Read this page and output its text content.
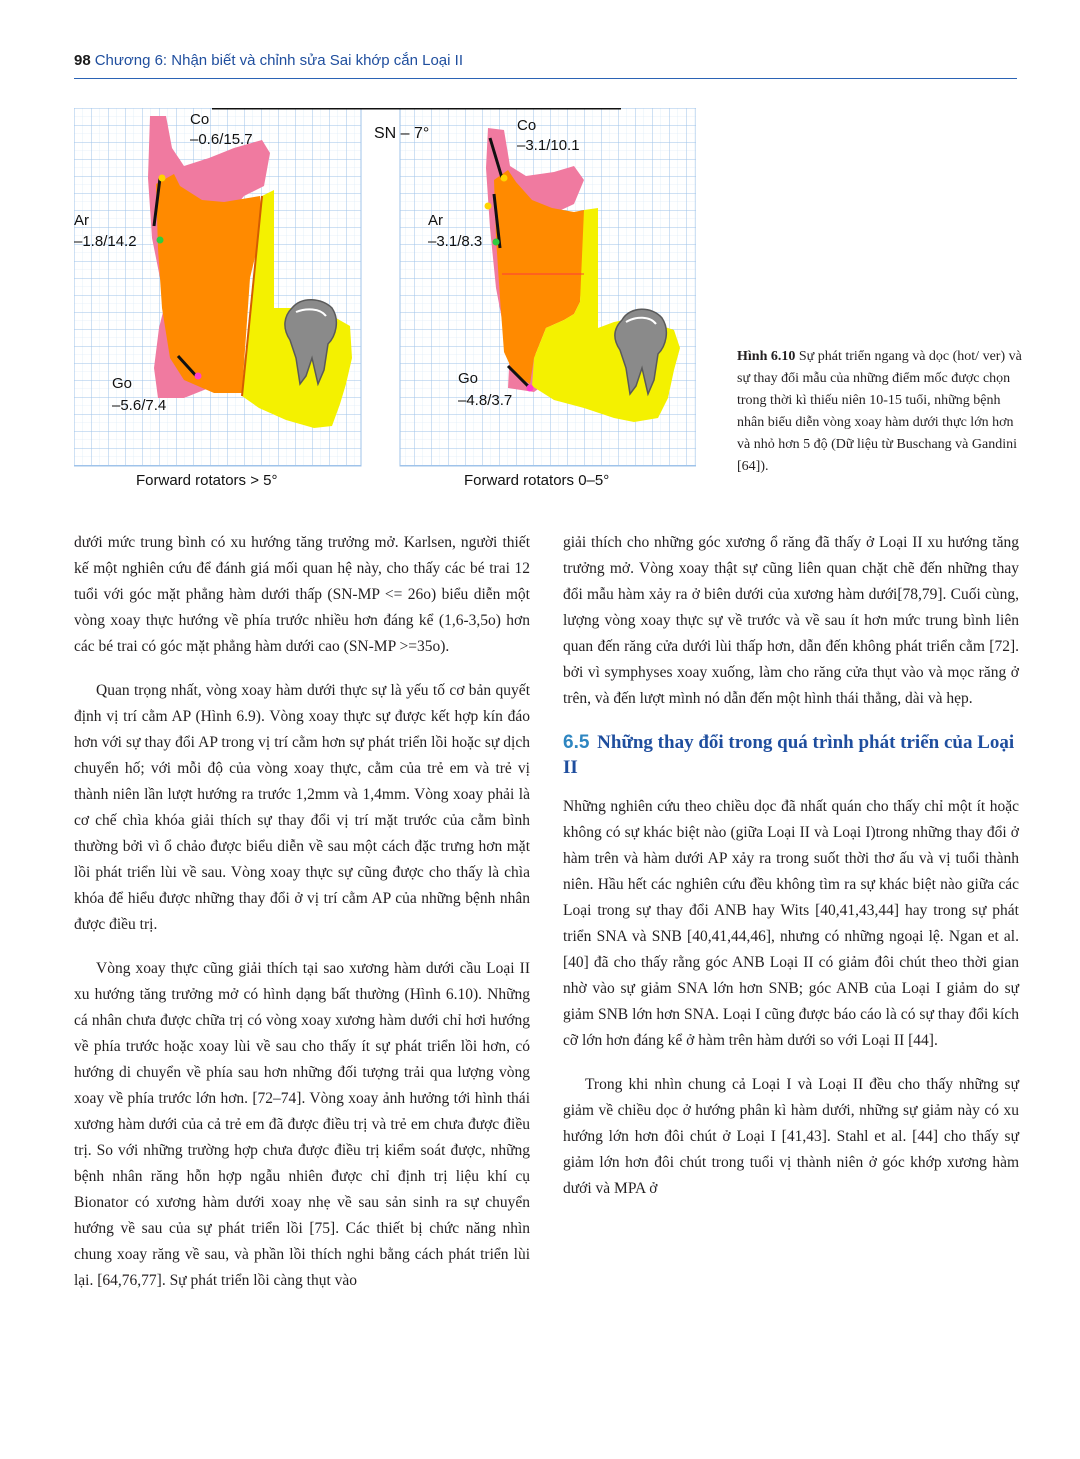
98 Chương 6: Nhận biết và chỉnh sửa Sai khớp cắn Loại II
SN – 7°
Co
–0.6/15.7
Ar
–1.8/14.2
Go
–5.6/7.4
Forward rotators > 5°
Co
–3.1/10.1
Ar
–3.1/8.3
Go
–4.8/3.7
Forward rotators 0–5°
Hình 6.10 Sự phát triển ngang và dọc (hot/ ver) và sự thay đổi mẫu của những điểm mốc được chọn trong thời kì thiếu niên 10-15 tuổi, những bệnh nhân biểu diễn vòng xoay hàm dưới thực lớn hơn và nhỏ hơn 5 độ (Dữ liệu từ Buschang và Gandini [64]).

dưới mức trung bình có xu hướng tăng trưởng mở. Karlsen, người thiết kế một nghiên cứu để đánh giá mối quan hệ này, cho thấy các bé trai 12 tuổi với góc mặt phẳng hàm dưới thấp (SN-MP <= 26o) biểu diễn một vòng xoay thực hướng về phía trước nhiều hơn đáng kể (1,6-3,5o) hơn các bé trai có góc mặt phẳng hàm dưới cao (SN-MP >=35o).

Quan trọng nhất, vòng xoay hàm dưới thực sự là yếu tố cơ bản quyết định vị trí cằm AP (Hình 6.9). Vòng xoay thực sự được kết hợp kín đáo hơn với sự thay đổi AP trong vị trí cằm hơn sự phát triển lồi hoặc sự dịch chuyển hố; với mỗi độ của vòng xoay thực, cằm của trẻ em và trẻ vị thành niên lần lượt hướng ra trước 1,2mm và 1,4mm. Vòng xoay phải là cơ chế chìa khóa giải thích sự thay đổi vị trí mặt trước của cằm bình thường bởi vì ổ chảo được biểu diễn về sau một cách đặc trưng hơn mặt lồi phát triển lùi về sau. Vòng xoay thực sự cũng được cho thấy là chìa khóa để hiểu được những thay đổi ở vị trí cằm AP của những bệnh nhân được điều trị.

Vòng xoay thực cũng giải thích tại sao xương hàm dưới cầu Loại II xu hướng tăng trưởng mở có hình dạng bất thường (Hình 6.10). Những cá nhân chưa được chữa trị có vòng xoay xương hàm dưới chỉ hơi hướng về phía trước hoặc xoay lùi về sau cho thấy ít sự phát triển lồi hơn, có hướng di chuyển về phía sau hơn những đối tượng trải qua lượng vòng xoay về phía trước lớn hơn. [72–74]. Vòng xoay ảnh hưởng tới hình thái xương hàm dưới của cả trẻ em đã được điều trị và trẻ em chưa được điều trị. So với những trường hợp chưa được điều trị kiểm soát được, những bệnh nhân răng hỗn hợp ngẫu nhiên được chỉ định trị liệu khí cụ Bionator có xương hàm dưới xoay nhẹ về sau sản sinh ra sự chuyển hướng về sau của sự phát triển lồi [75]. Các thiết bị chức năng nhìn chung xoay răng về sau, và phần lồi thích nghi bằng cách phát triển lùi lại. [64,76,77]. Sự phát triển lồi càng thụt vào

giải thích cho những góc xương ổ răng đã thấy ở Loại II xu hướng tăng trưởng mở. Vòng xoay thật sự cũng liên quan chặt chẽ đến những thay đổi mẫu hàm xảy ra ở biên dưới của xương hàm dưới[78,79]. Cuối cùng, lượng vòng xoay thực sự về trước và về sau ít hơn mức trung bình liên quan đến răng cửa dưới lùi thấp hơn, dẫn đến không phát triển cằm [72]. bởi vì symphyses xoay xuống, làm cho răng cửa thụt vào và mọc răng ở trên, và đến lượt mình nó dẫn đến một hình thái thẳng, dài và hẹp.

6.5 Những thay đổi trong quá trình phát triển của Loại II

Những nghiên cứu theo chiều dọc đã nhất quán cho thấy chỉ một ít hoặc không có sự khác biệt nào (giữa Loại II và Loại I)trong những thay đổi ở hàm trên và hàm dưới AP xảy ra trong suốt thời thơ ấu và vị tuổi thành niên. Hầu hết các nghiên cứu đều không tìm ra sự khác biệt nào giữa các Loại trong sự thay đổi ANB hay Wits [40,41,43,44] hay trong sự phát triển SNA và SNB [40,41,44,46], nhưng có những ngoại lệ. Ngan et al. [40] đã cho thấy rằng góc ANB Loại II có giảm đôi chút theo thời gian nhờ vào sự giảm SNA lớn hơn SNB; góc ANB của Loại I giảm do sự giảm SNB lớn hơn SNA. Loại I cũng được báo cáo là có sự thay đổi kích cỡ lớn hơn đáng kể ở hàm trên hàm dưới so với Loại II [44].

Trong khi nhìn chung cả Loại I và Loại II đều cho thấy những sự giảm về chiều dọc ở hướng phân kì hàm dưới, những sự giảm này có xu hướng lớn hơn đôi chút ở Loại I [41,43]. Stahl et al. [44] cho thấy sự giảm lớn hơn đôi chút trong tuổi vị thành niên ở góc khớp xương hàm dưới và MPA ở
